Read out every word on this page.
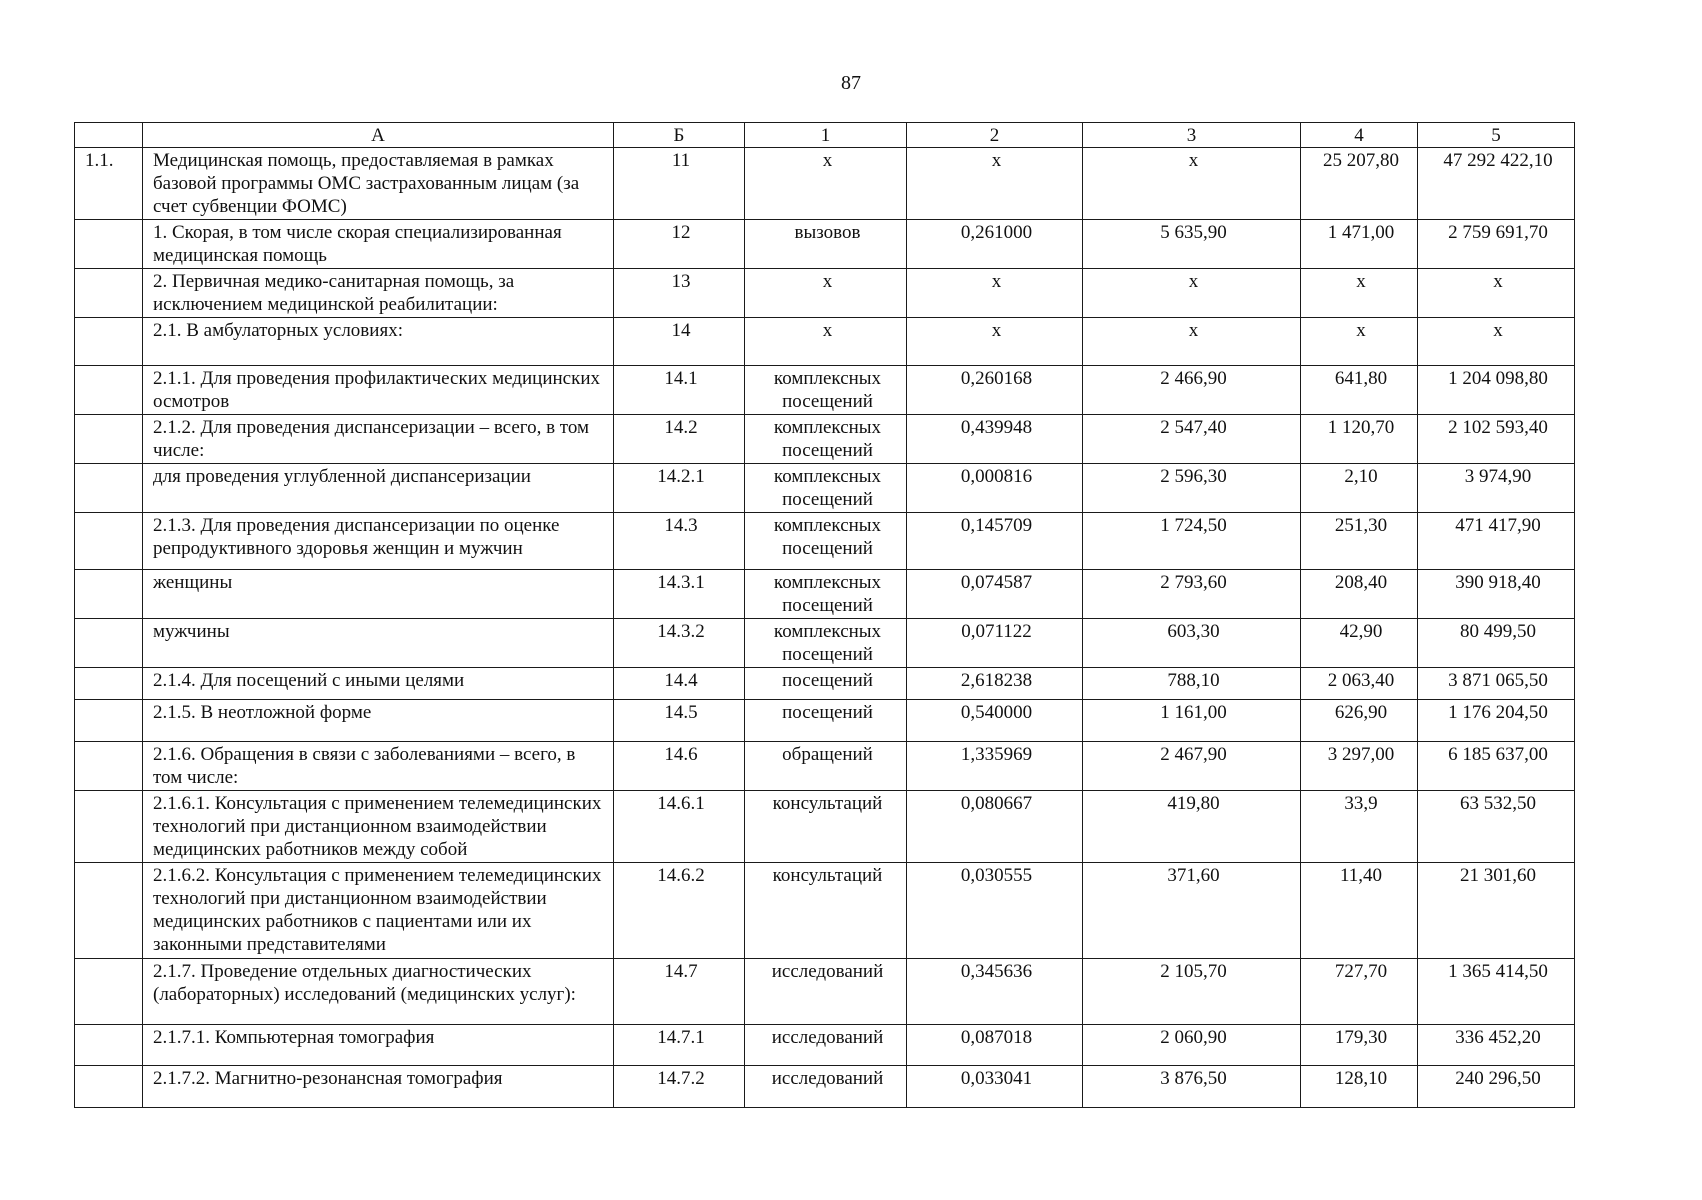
87
	А	Б	1	2	3	4	5
1.1.	Медицинская помощь, предоставляемая в рамках базовой программы ОМС застрахованным лицам (за счет субвенции ФОМС)	11	х	х	х	25 207,80	47 292 422,10
	1. Скорая, в том числе скорая специализированная медицинская помощь	12	вызовов	0,261000	5 635,90	1 471,00	2 759 691,70
	2. Первичная медико-санитарная помощь, за исключением медицинской реабилитации:	13	х	х	х	х	х
	2.1. В амбулаторных условиях:	14	х	х	х	х	х
	2.1.1. Для проведения профилактических медицинских осмотров	14.1	комплексных посещений	0,260168	2 466,90	641,80	1 204 098,80
	2.1.2. Для проведения диспансеризации – всего, в том числе:	14.2	комплексных посещений	0,439948	2 547,40	1 120,70	2 102 593,40
	для проведения углубленной диспансеризации	14.2.1	комплексных посещений	0,000816	2 596,30	2,10	3 974,90
	2.1.3. Для проведения диспансеризации по оценке репродуктивного здоровья женщин и мужчин	14.3	комплексных посещений	0,145709	1 724,50	251,30	471 417,90
	женщины	14.3.1	комплексных посещений	0,074587	2 793,60	208,40	390 918,40
	мужчины	14.3.2	комплексных посещений	0,071122	603,30	42,90	80 499,50
	2.1.4. Для посещений с иными целями	14.4	посещений	2,618238	788,10	2 063,40	3 871 065,50
	2.1.5. В неотложной форме	14.5	посещений	0,540000	1 161,00	626,90	1 176 204,50
	2.1.6. Обращения в связи с заболеваниями – всего, в том числе:	14.6	обращений	1,335969	2 467,90	3 297,00	6 185 637,00
	2.1.6.1. Консультация с применением телемедицинских технологий при дистанционном взаимодействии медицинских работников между собой	14.6.1	консультаций	0,080667	419,80	33,9	63 532,50
	2.1.6.2. Консультация с применением телемедицинских технологий при дистанционном взаимодействии медицинских работников с пациентами или их законными представителями	14.6.2	консультаций	0,030555	371,60	11,40	21 301,60
	2.1.7. Проведение отдельных диагностических (лабораторных) исследований (медицинских услуг):	14.7	исследований	0,345636	2 105,70	727,70	1 365 414,50
	2.1.7.1. Компьютерная томография	14.7.1	исследований	0,087018	2 060,90	179,30	336 452,20
	2.1.7.2. Магнитно-резонансная томография	14.7.2	исследований	0,033041	3 876,50	128,10	240 296,50
